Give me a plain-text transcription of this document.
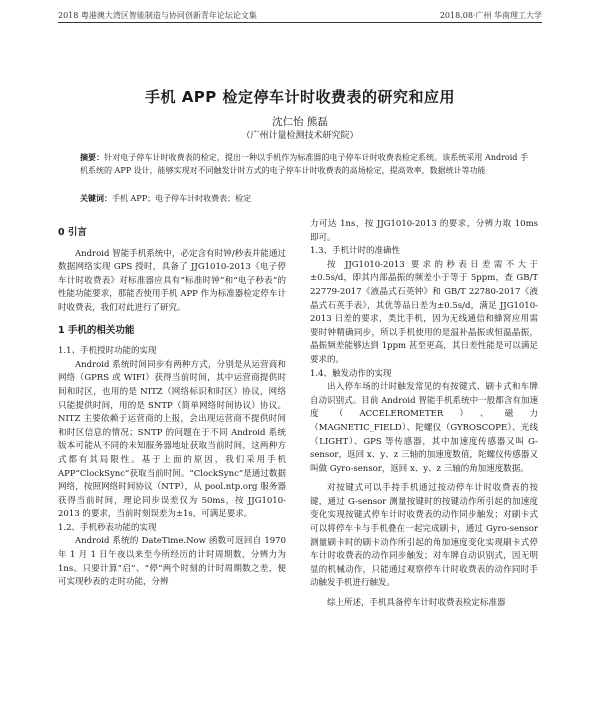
2018 粤港澳大湾区智能制造与协同创新青年论坛论文集	2018.08·广州 华南理工大学
手机 APP 检定停车计时收费表的研究和应用
沈仁怡 熊磊
（广州计量检测技术研究院）
摘要：针对电子停车计时收费表的检定，提出一种以手机作为标准器的电子停车计时收费表检定系统。该系统采用 Android 手机系统的 APP 设计，能够实现对不同触发计时方式的电子停车计时收费表的高场检定，提高效率，数据统计等功能
关键词：手机 APP；电子停车计时收费表；检定
0 引言

Android 智能手机系统中，必定含有时钟/秒表并能通过数据网络实现 GPS 授时，具备了 JJG1010-2013《电子停车计时收费表》对标准器应具有“标准时钟”和“电子秒表”的性能功能要求，那能否使用手机 APP 作为标准器检定停车计时收费表，我们对此进行了研究。

1 手机的相关功能
1.1、手机授时功能的实现

Android 系统时间同步有两种方式，分别是从运营商和网络（GPRS 或 WIFI）获得当前时间，其中运营商提供时间和时区，也用的是 NITZ（网络标识和时区）协议，网络只能提供时间，用的是 SNTP（简单网络时间协议）协议。NITZ 主要依赖于运营商的上报，会出现运营商不提供时间和时区信息的情况；SNTP 的问题在于不同 Android 系统版本可能从不同的未知服务器地址获取当前时间，这两种方式都有其局限性。基于上面的原因，我们采用手机 APP“ClockSync”获取当前时间。“ClockSync”是通过数据网络，按照网络时间协议（NTP），从 pool.ntp.org 服务器获得当前时间，理论同步误差仅为 50ms，按 JJG1010-2013 的要求，当前时刻误差为±1s，可满足要求。

1.2、手机秒表功能的实现

Android 系统的 DateTime.Now 函数可返回自 1970 年 1 月 1 日午夜以来至今所经历的计时周期数，分辨力为 1ns。只要计算“启”、“停”两个时刻的计时周期数之差，便可实现秒表的走时功能，分辨

力可达 1ns，按 JJG1010-2013 的要求，分辨力取 10ms 即可。

1.3、手机计时的准确性

按 JJG1010-2013 要求的秒表日差需不大于 ±0.5s/d，即其内部晶振的频差小于等于 5ppm，查 GB/T 22779-2017《液晶式石英钟》和 GB/T 22780-2017《液晶式石英手表》，其优等品日差为±0.5s/d，满足 JJG1010-2013 日差的要求，类比手机，因为无线通信和蜂窝应用需要时钟精确同步，所以手机使用的是温补晶振或恒温晶振，晶振频差能够达到 1ppm 甚至更高，其日差性能是可以满足要求的。

1.4、触发动作的实现

出入停车场的计时触发常见的有按键式、刷卡式和车牌自动识别式。目前 Android 智能手机系统中一般都含有加速度（ACCELEROMETER）、磁力（MAGNETIC_FIELD）、陀螺仪（GYROSCOPE）、光线（LIGHT）、GPS 等传感器，其中加速度传感器又叫 G-sensor，返回 x、y、z 三轴的加速度数值，陀螺仪传感器又叫做 Gyro-sensor，返回 x、y、z 三轴的角加速度数据。

对按键式可以手持手机通过按动停车计时收费表的按键，通过 G-sensor 测量按键时的按键动作所引起的加速度变化实现按键式停车计时收费表的动作同步触发；对刷卡式可以将停车卡与手机叠在一起完成刷卡，通过 Gyro-sensor 测量刷卡时的刷卡动作所引起的角加速度变化实现刷卡式停车计时收费表的动作同步触发；对车牌自动识别式，因无明显的机械动作，只能通过观察停车计时收费表的动作同时手动触发手机进行触发。

综上所述，手机具备停车计时收费表检定标准器
